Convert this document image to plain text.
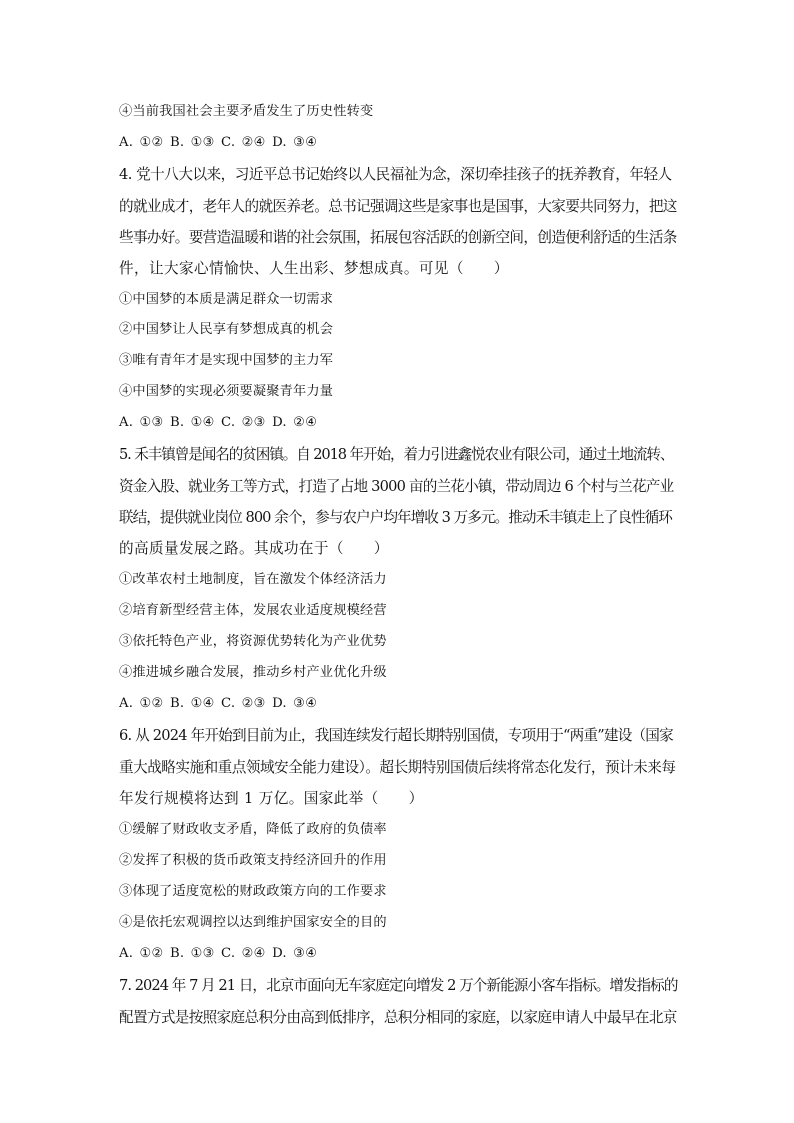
④当前我国社会主要矛盾发生了历史性转变
A. ①② B. ①③ C. ②④ D. ③④
4. 党十八大以来，习近平总书记始终以人民福祉为念，深切牵挂孩子的抚养教育，年轻人
的就业成才，老年人的就医养老。总书记强调这些是家事也是国事，大家要共同努力，把这
些事办好。要营造温暖和谐的社会氛围，拓展包容活跃的创新空间，创造便利舒适的生活条
件，让大家心情愉快、人生出彩、梦想成真。可见（　　）
①中国梦的本质是满足群众一切需求
②中国梦让人民享有梦想成真的机会
③唯有青年才是实现中国梦的主力军
④中国梦的实现必须要凝聚青年力量
A. ①③ B. ①④ C. ②③ D. ②④
5. 禾丰镇曾是闻名的贫困镇。自 2018 年开始，着力引进鑫悦农业有限公司，通过土地流转、
资金入股、就业务工等方式，打造了占地 3000 亩的兰花小镇，带动周边 6 个村与兰花产业
联结，提供就业岗位 800 余个，参与农户户均年增收 3 万多元。推动禾丰镇走上了良性循环
的高质量发展之路。其成功在于（　　）
①改革农村土地制度，旨在激发个体经济活力
②培育新型经营主体，发展农业适度规模经营
③依托特色产业，将资源优势转化为产业优势
④推进城乡融合发展，推动乡村产业优化升级
A. ①② B. ①④ C. ②③ D. ③④
6. 从 2024 年开始到目前为止，我国连续发行超长期特别国债，专项用于“两重”建设（国家
重大战略实施和重点领域安全能力建设）。超长期特别国债后续将常态化发行，预计未来每
年发行规模将达到 1 万亿。国家此举（　　）
①缓解了财政收支矛盾，降低了政府的负债率
②发挥了积极的货币政策支持经济回升的作用
③体现了适度宽松的财政政策方向的工作要求
④是依托宏观调控以达到维护国家安全的目的
A. ①② B. ①③ C. ②④ D. ③④
7. 2024 年 7 月 21 日，北京市面向无车家庭定向增发 2 万个新能源小客车指标。增发指标的
配置方式是按照家庭总积分由高到低排序，总积分相同的家庭，以家庭申请人中最早在北京
